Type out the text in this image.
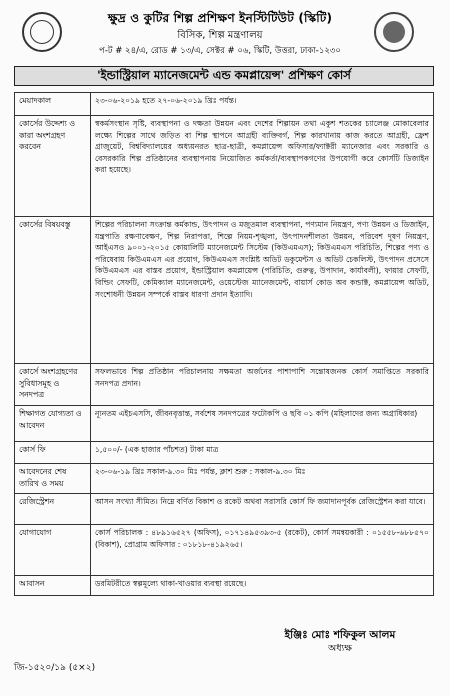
ক্ষুদ্র ও কুটির শিল্প প্রশিক্ষণ ইনস্টিটিউট (স্কিটি)
বিসিক, শিল্প মন্ত্রণালয়
প-ট # ২৪/এ, রোড # ১৩/এ, সেক্টর # ০৬, স্কিটি, উত্তরা, ঢাকা-১২৩০
'ইন্ডাস্ট্রিয়াল ম্যানেজমেন্ট এন্ড কমপ্লায়েন্স' প্রশিক্ষণ কোর্স
মেয়াদকাল	২৩-০৬-২০১৯ হতে ২৭-০৬-২০১৯ খ্রিঃ পর্যন্ত।
কোর্সের উদ্দেশ্য ও কারা অংশগ্রহণ করবেন	স্বকর্মসংস্থান সৃষ্টি, ব্যবস্থাপনা ও দক্ষতা উন্নয়ন এবং দেশের শিল্পায়ন তথা একুশ শতকের চ্যালেঞ্জ মোকাবেলার লক্ষ্যে শিল্পের সাথে জড়িত বা শিল্প স্থাপনে আগ্রহী ব্যক্তিবর্গ, শিল্প কারখানায় কাজ করতে আগ্রহী, ফ্রেশ গ্রাজুয়েট, বিশ্ববিদ্যালয়ের অধ্যয়নরত ছাত্র-ছাত্রী, কমপ্লায়েন্স অফিসার/ফ্যাক্টরী ম্যানেজার এবং সরকারি ও বেসরকারি শিল্প প্রতিষ্ঠানের ব্যবস্থাপনায় নিয়োজিত কর্মকর্তা/ব্যবস্থাপকগণের উপযোগী করে কোর্সটি ডিজাইন করা হয়েছে।
কোর্সের বিষয়বস্তু	শিল্পের পরিচালনা সংক্রান্ত কর্মকান্ড, উৎপাদন ও মজুতমাল ব্যবস্থাপনা, পণ্যমান নিয়ন্ত্রণ, পণ্য উন্নয়ন ও ডিজাইন, যন্ত্রপাতি রক্ষণাবেক্ষণ, শিল্প নিরাপত্তা, শিল্পে নিয়ম-শৃঙ্খলা, উৎপাদনশীলতা উন্নয়ন, পরিবেশ দূষণ নিয়ন্ত্রণ, আইএসও ৯০০১-২০১৫ কোয়ালিটি ম্যানেজমেন্ট সিস্টেম (কিউএমএস); কিউএমএস পরিচিতি, শিল্পের পণ্য ও পরিষেবায় কিউএমএস এর প্রয়োগ, কিউএমএস সংশ্লিষ্ট অডিট ডকুমেন্টস ও অডিট চেকলিস্ট, উৎপাদন প্রসেসে কিউএমএস এর বাস্তব প্রয়োগ, ইন্ডাস্ট্রিয়াল কমপ্লায়েন্স (পরিচিতি, গুরুত্ব, উপাদান, কার্যাবলী), ফায়ার সেফটি, বিল্ডিং সেফটি, কেমিক্যাল ম্যানেজমেন্ট, ওয়েস্টেজ ম্যানেজমেন্ট, বায়ার্স কোড অব কন্ডাক্ট, কমপ্লায়েন্স অডিট, সংশোধনী উন্নয়ন সম্পর্কে বাস্তব ধারণা প্রদান ইত্যাদি।
কোর্সে অংশগ্রহণের সুবিধাসমূহ ও সনদপত্র	সফলভাবে শিল্প প্রতিষ্ঠান পরিচালনায় সক্ষমতা অর্জনের পাশাপাশি সন্তোষজনক কোর্স সমাপ্তিতে সরকারি সনদপত্র প্রদান।
শিক্ষাগত যোগ্যতা ও আবেদন	ন্যূনতম এইচএসসি, জীবনবৃত্তান্ত, সর্বশেষ সনদপত্রের ফটোকপি ও ছবি ০১ কপি (মহিলাদের জন্য অগ্রাধিকার)
কোর্স ফি	১,৫০০/- (এক হাজার পাঁচশত) টাকা মাত্র
আবেদনের শেষ তারিখ ও সময়	২৩-০৬-১৯ খ্রিঃ সকাল-৯.৩০ মিঃ পর্যন্ত, ক্লাশ শুরু : সকাল-৯.৩০ মিঃ
রেজিস্ট্রেশন	আসন সংখ্যা সীমিত। নিম্নে বর্ণিত বিকাশ ও রকেট অথবা সরাসরি কোর্স ফি জমাদানপূর্বক রেজিস্ট্রেশন করা যাবে।
যোগাযোগ	কোর্স পরিচালক : ৪৮৯১৬৫২৭ (অফিস), ০১৭১৪৯৫৩৯৩-৫ (রকেট), কোর্স সমন্বয়কারী : ০১৫৫৮-৬৮৮৫৭০ (বিকাশ), প্রোগ্রাম অফিসার : ০১৮১৮-৪১৯২৬৫।
আবাসন	ডরমিটরীতে স্বল্পমূল্যে থাকা-খাওয়ার ব্যবস্থা রয়েছে।
ইঞ্জিঃ মোঃ শফিকুল আলম
অধ্যক্ষ
জি-১৫২০/১৯ (৫×২)
